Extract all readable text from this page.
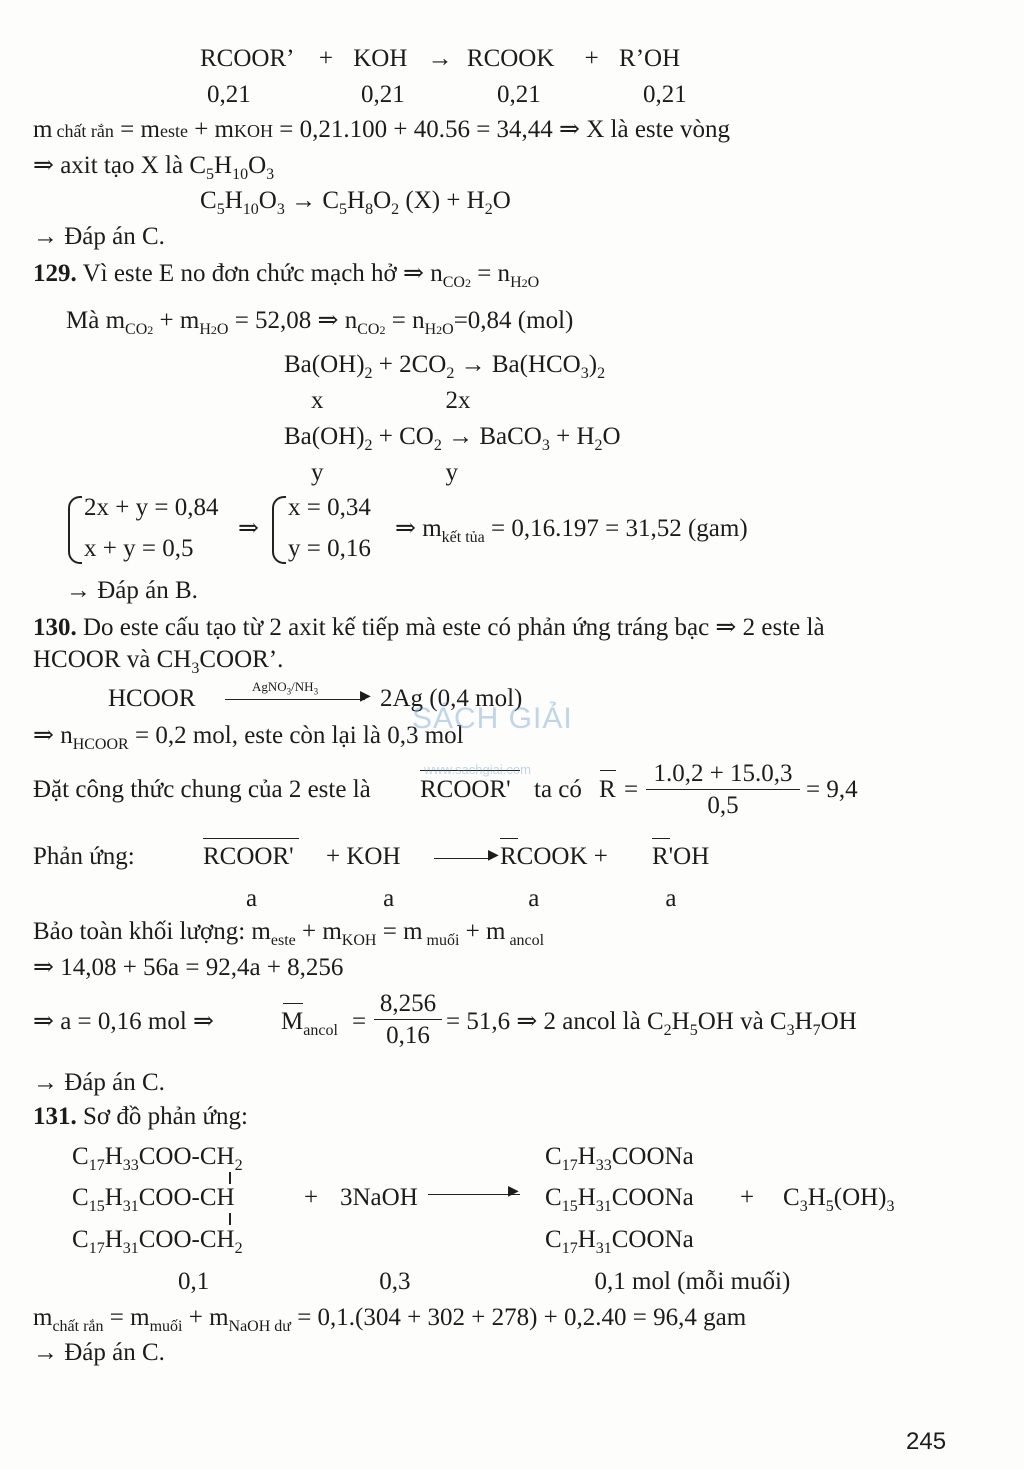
RCOOR’ + KOH → RCOOK + R’OH
0,21	0,21	0,21	0,21
m chất rắn = meste + mKOH = 0,21.100 + 40.56 = 34,44 ⇒ X là este vòng
⇒ axit tạo X là $C_5H_{10}O_3$
$C_5H_{10}O_3 \to C_5H_8O_2$ $(X) + H_2O$
→ Đáp án C.
129. Vì este E no đơn chức mạch hở ⇒ $n_{CO2} = n_{H2O}$
Mà $m_{CO2} + m_{H2O} = 52,08$ ⇒ $n_{CO2} = n_{H2O}=0,84$ (mol)
$Ba(OH)_2 + 2CO_2 \to Ba(HCO_3)_2$
x	2x
$Ba(OH)_2 + CO_2$ → BaCO$_3$ + $H_2O$
y	y
2x + y = 0,84
x + y = 0,5
⇒
x = 0,34
y = 0,16
⇒ $m_{kết tủa} = 0,16.197 = 31,52$ (gam)
→ Đáp án B.
130. Do este cấu tạo từ 2 axit kế tiếp mà este có phản ứng tráng bạc ⇒ 2 este là
HCOOR và $CH_3COOR$’.
HCOOR	$AgNO_3/NH_3$	▶ 2Ag (0,4 mol)
⇒ $n_{HCOOR} = 0,2$ mol, este còn lại là 0,3 mol
Đặt công thức chung của 2 este là RCOOR' ta có R =
1.0,2 + 15.0,3
0,5
= 9,4
Phản ứng:	RCOOR' + KOH	▶ RCOOK + R'OH
a	a	a	a
Bảo toàn khối lượng: $m_{este} + m_{KOH} = m$ $_{muối}$ + m $_{ancol}$
⇒ 14,08 + 56a = 92,4a + 8,256
⇒ a = 0,16 mol ⇒	$M_{ancol}$ =
8,256
0,16
= 51,6 ⇒ 2 ancol là $C_2H_5OH$ và $C_3H_7OH$
→ Đáp án C.
131. Sơ đồ phản ứng:
$C_{17}H_{33}COO-CH_2$
$C_{15}H_{31}COO-CH$
$C_{17}H_{31}COO-CH_2$
+ 3NaOH	▶
$C_{17}H_{33}COONa$
$C_{15}H_{31}COONa$
$C_{17}H_{31}COONa$
+ $C_3H_5(OH)_3$
0,1	0,3	0,1 mol (mỗi muối)
$m_{chất rắn} = m_{muối} + m_{NaOH dư} = 0,1.(304 + 302 + 278) + 0,2.40 = 96,4$ gam
→ Đáp án C.
SÁCH GIẢI
www.sachgiai.com
245
